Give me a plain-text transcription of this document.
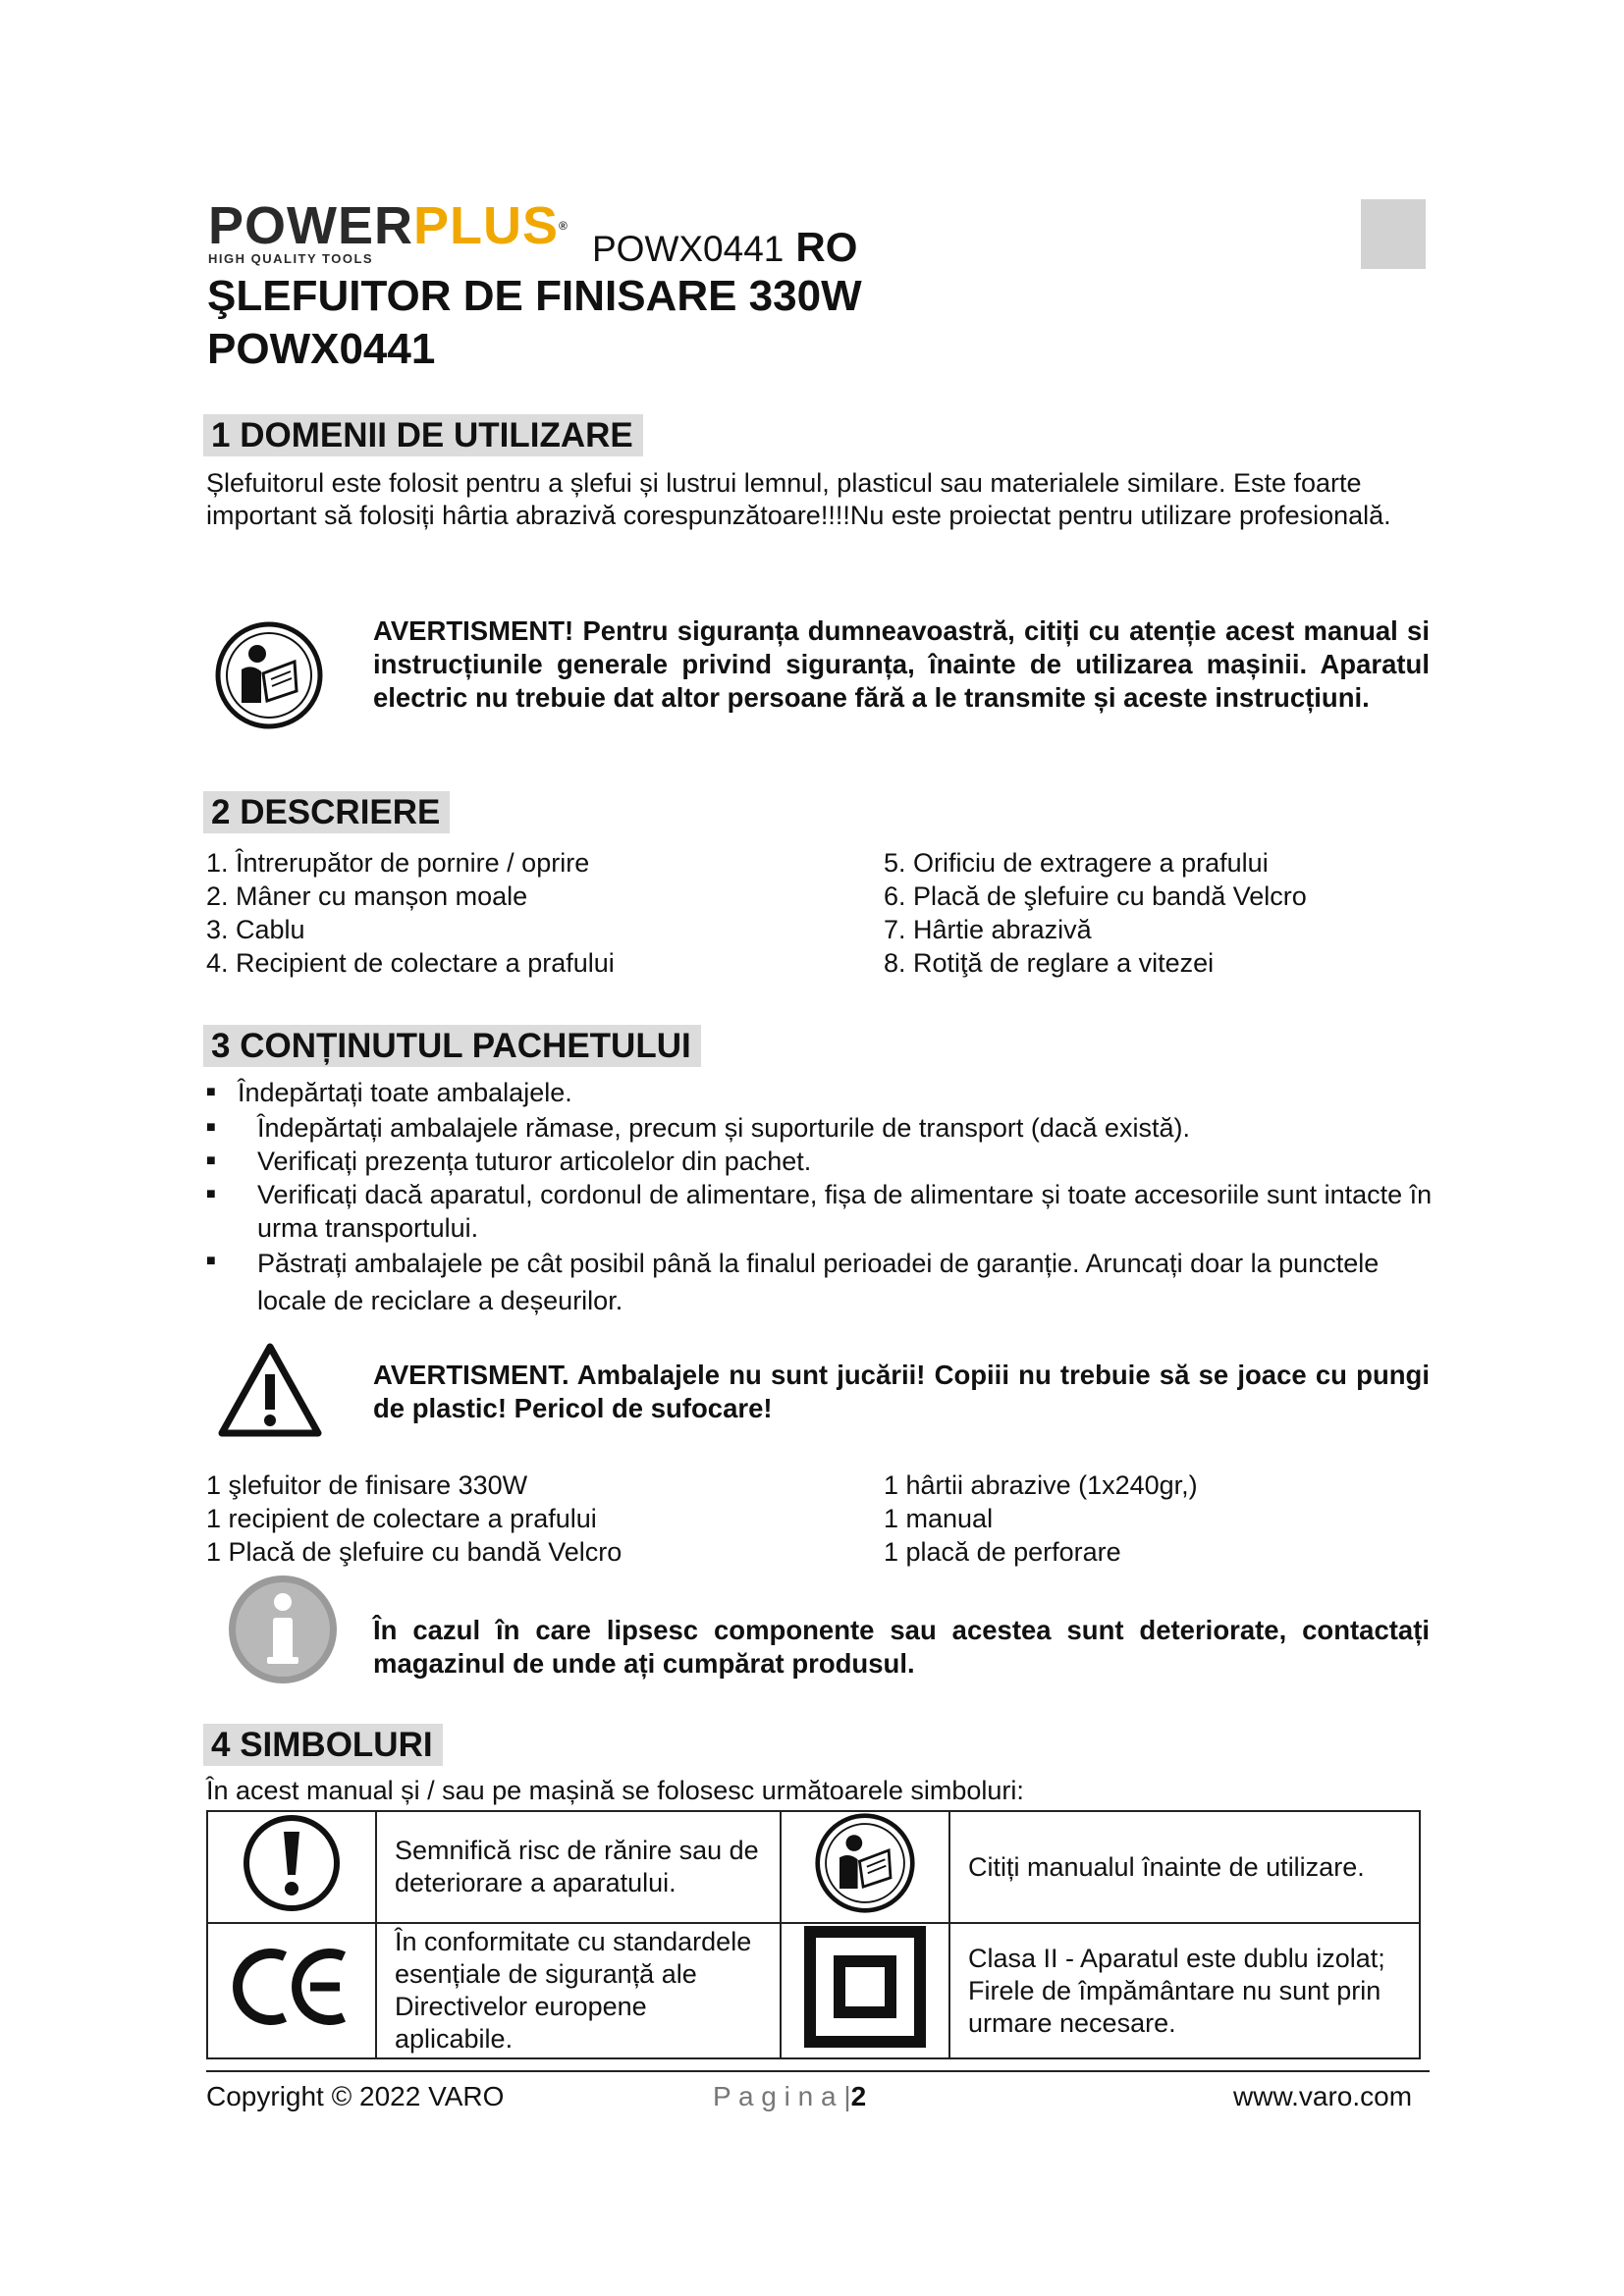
POWERPLUS®
HIGH QUALITY TOOLS	POWX0441 RO
ŞLEFUITOR DE FINISARE 330W
POWX0441
1 DOMENII DE UTILIZARE
Șlefuitorul este folosit pentru a șlefui și lustrui lemnul, plasticul sau materialele similare. Este foarte important să folosiți hârtia abrazivă corespunzătoare!!!!Nu este proiectat pentru utilizare profesională.
AVERTISMENT! Pentru siguranța dumneavoastră, citiți cu atenție acest manual si instrucțiunile generale privind siguranța, înainte de utilizarea mașinii. Aparatul electric nu trebuie dat altor persoane fără a le transmite și aceste instrucțiuni.
2 DESCRIERE
1. Întrerupător de pornire / oprire
2. Mâner cu manșon moale
3. Cablu
4. Recipient de colectare a prafului
5. Orificiu de extragere a prafului
6. Placă de şlefuire cu bandă Velcro
7. Hârtie abrazivă
8. Rotiţă de reglare a vitezei
3 CONȚINUTUL PACHETULUI
■ Îndepărtați toate ambalajele.
■ Îndepărtați ambalajele rămase, precum și suporturile de transport (dacă există).
■ Verificați prezența tuturor articolelor din pachet.
■ Verificați dacă aparatul, cordonul de alimentare, fișa de alimentare și toate accesoriile sunt intacte în urma transportului.
■ Păstrați ambalajele pe cât posibil până la finalul perioadei de garanție. Aruncați doar la punctele locale de reciclare a deșeurilor.
AVERTISMENT. Ambalajele nu sunt jucării! Copiii nu trebuie să se joace cu pungi de plastic! Pericol de sufocare!
1 şlefuitor de finisare 330W
1 recipient de colectare a prafului
1 Placă de şlefuire cu bandă Velcro
1 hârtii abrazive (1x240gr,)
1 manual
1 placă de perforare
În cazul în care lipsesc componente sau acestea sunt deteriorate, contactați magazinul de unde ați cumpărat produsul.
4 SIMBOLURI
În acest manual și / sau pe mașină se folosesc următoarele simboluri:
	Semnifică risc de rănire sau de deteriorare a aparatului.		Citiți manualul înainte de utilizare.
	În conformitate cu standardele esențiale de siguranță ale Directivelor europene aplicabile.		Clasa II - Aparatul este dublu izolat; Firele de împământare nu sunt prin urmare necesare.
Copyright © 2022 VARO	P a g i n a |2	www.varo.com
